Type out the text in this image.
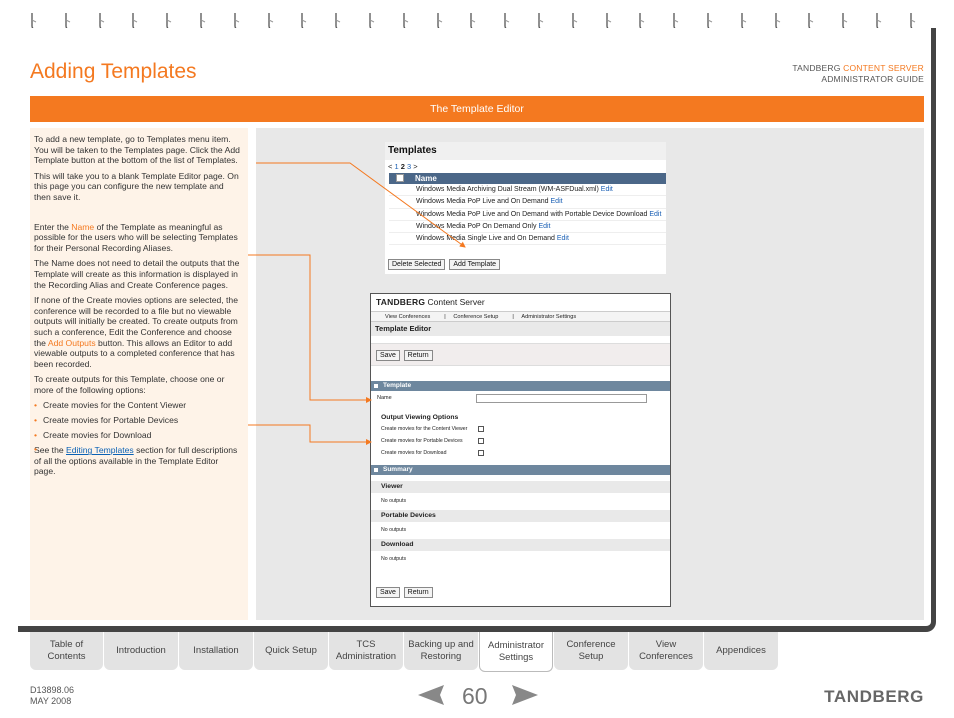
Adding Templates	TANDBERG CONTENT SERVER
ADMINISTRATOR GUIDE
The Template Editor

To add a new template, go to Templates menu item. You will be taken to the Templates page. Click the Add Template button at the bottom of the list of Templates.

This will take you to a blank Template Editor page. On this page you can configure the new template and then save it.

Enter the Name of the Template as meaningful as possible for the users who will be selecting Templates for their Personal Recording Aliases.

The Name does not need to detail the outputs that the Template will create as this information is displayed in the Recording Alias and Create Conference pages.

If none of the Create movies options are selected, the conference will be recorded to a file but no viewable outputs will initially be created. To create outputs from such a conference, Edit the Conference and choose the Add Outputs button. This allows an Editor to add viewable outputs to a completed conference that has been recorded.

To create outputs for this Template, choose one or more of the following options:

• Create movies for the Content Viewer
• Create movies for Portable Devices
• Create movies for Download

See the Editing Templates section for full descriptions of all the options available in the Template Editor page.

Templates
< 1 2 3 >
Name
Windows Media Archiving Dual Stream (WM-ASFDual.xml) Edit
Windows Media PoP Live and On Demand Edit
Windows Media PoP Live and On Demand with Portable Device Download Edit
Windows Media PoP On Demand Only Edit
Windows Media Single Live and On Demand Edit
Delete Selected Add Template
TANDBERG Content Server
View Conferences	| Conference Setup	| Administrator Settings
Template Editor
Save Return
Template
Name
Output Viewing Options
Create movies for the Content Viewer
Create movies for Portable Devices
Create movies for Download
Summary
Viewer
No outputs
Portable Devices
No outputs
Download
No outputs
Save Return
Table of
Contents
Introduction	Installation	Quick Setup
TCS
Administration
Backing up and
Restoring
Administrator
Settings
Conference
Setup
View
Conferences
Appendices
D13898.06
MAY 2008	60	TANDBERG
